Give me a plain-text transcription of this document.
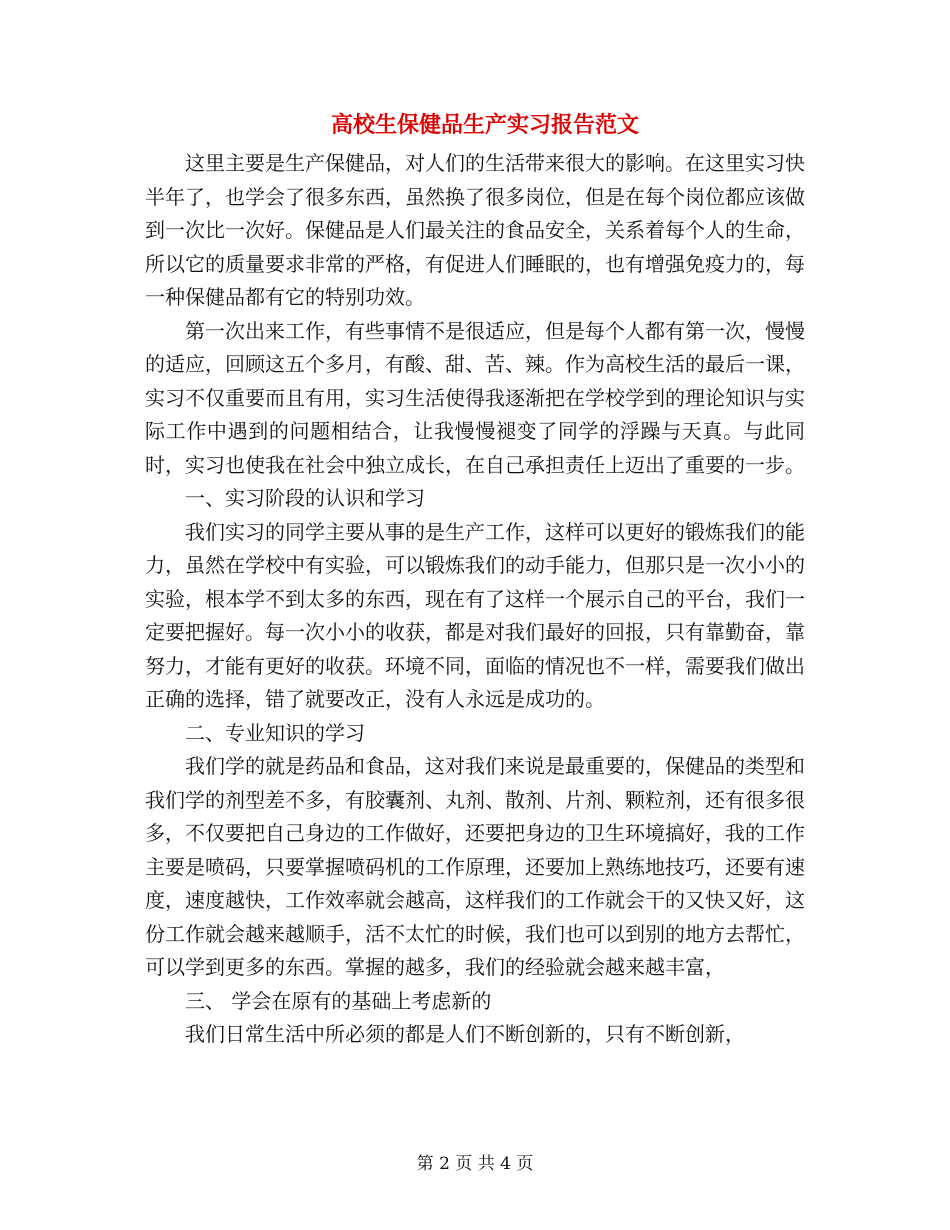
高校生保健品生产实习报告范文

这里主要是生产保健品，对人们的生活带来很大的影响。在这里实习快半年了，也学会了很多东西，虽然换了很多岗位，但是在每个岗位都应该做到一次比一次好。保健品是人们最关注的食品安全，关系着每个人的生命，所以它的质量要求非常的严格，有促进人们睡眠的，也有增强免疫力的，每一种保健品都有它的特别功效。

第一次出来工作，有些事情不是很适应，但是每个人都有第一次，慢慢的适应，回顾这五个多月，有酸、甜、苦、辣。作为高校生活的最后一课，实习不仅重要而且有用，实习生活使得我逐渐把在学校学到的理论知识与实际工作中遇到的问题相结合，让我慢慢褪变了同学的浮躁与天真。与此同时，实习也使我在社会中独立成长，在自己承担责任上迈出了重要的一步。

一、实习阶段的认识和学习

我们实习的同学主要从事的是生产工作，这样可以更好的锻炼我们的能力，虽然在学校中有实验，可以锻炼我们的动手能力，但那只是一次小小的实验，根本学不到太多的东西，现在有了这样一个展示自己的平台，我们一定要把握好。每一次小小的收获，都是对我们最好的回报，只有靠勤奋，靠努力，才能有更好的收获。环境不同，面临的情况也不一样，需要我们做出正确的选择，错了就要改正，没有人永远是成功的。

二、专业知识的学习

我们学的就是药品和食品，这对我们来说是最重要的，保健品的类型和我们学的剂型差不多，有胶囊剂、丸剂、散剂、片剂、颗粒剂，还有很多很多，不仅要把自己身边的工作做好，还要把身边的卫生环境搞好，我的工作主要是喷码，只要掌握喷码机的工作原理，还要加上熟练地技巧，还要有速度，速度越快，工作效率就会越高，这样我们的工作就会干的又快又好，这份工作就会越来越顺手，活不太忙的时候，我们也可以到别的地方去帮忙，可以学到更多的东西。掌握的越多，我们的经验就会越来越丰富，

三、 学会在原有的基础上考虑新的

我们日常生活中所必须的都是人们不断创新的，只有不断创新，

第 2 页 共 4 页
